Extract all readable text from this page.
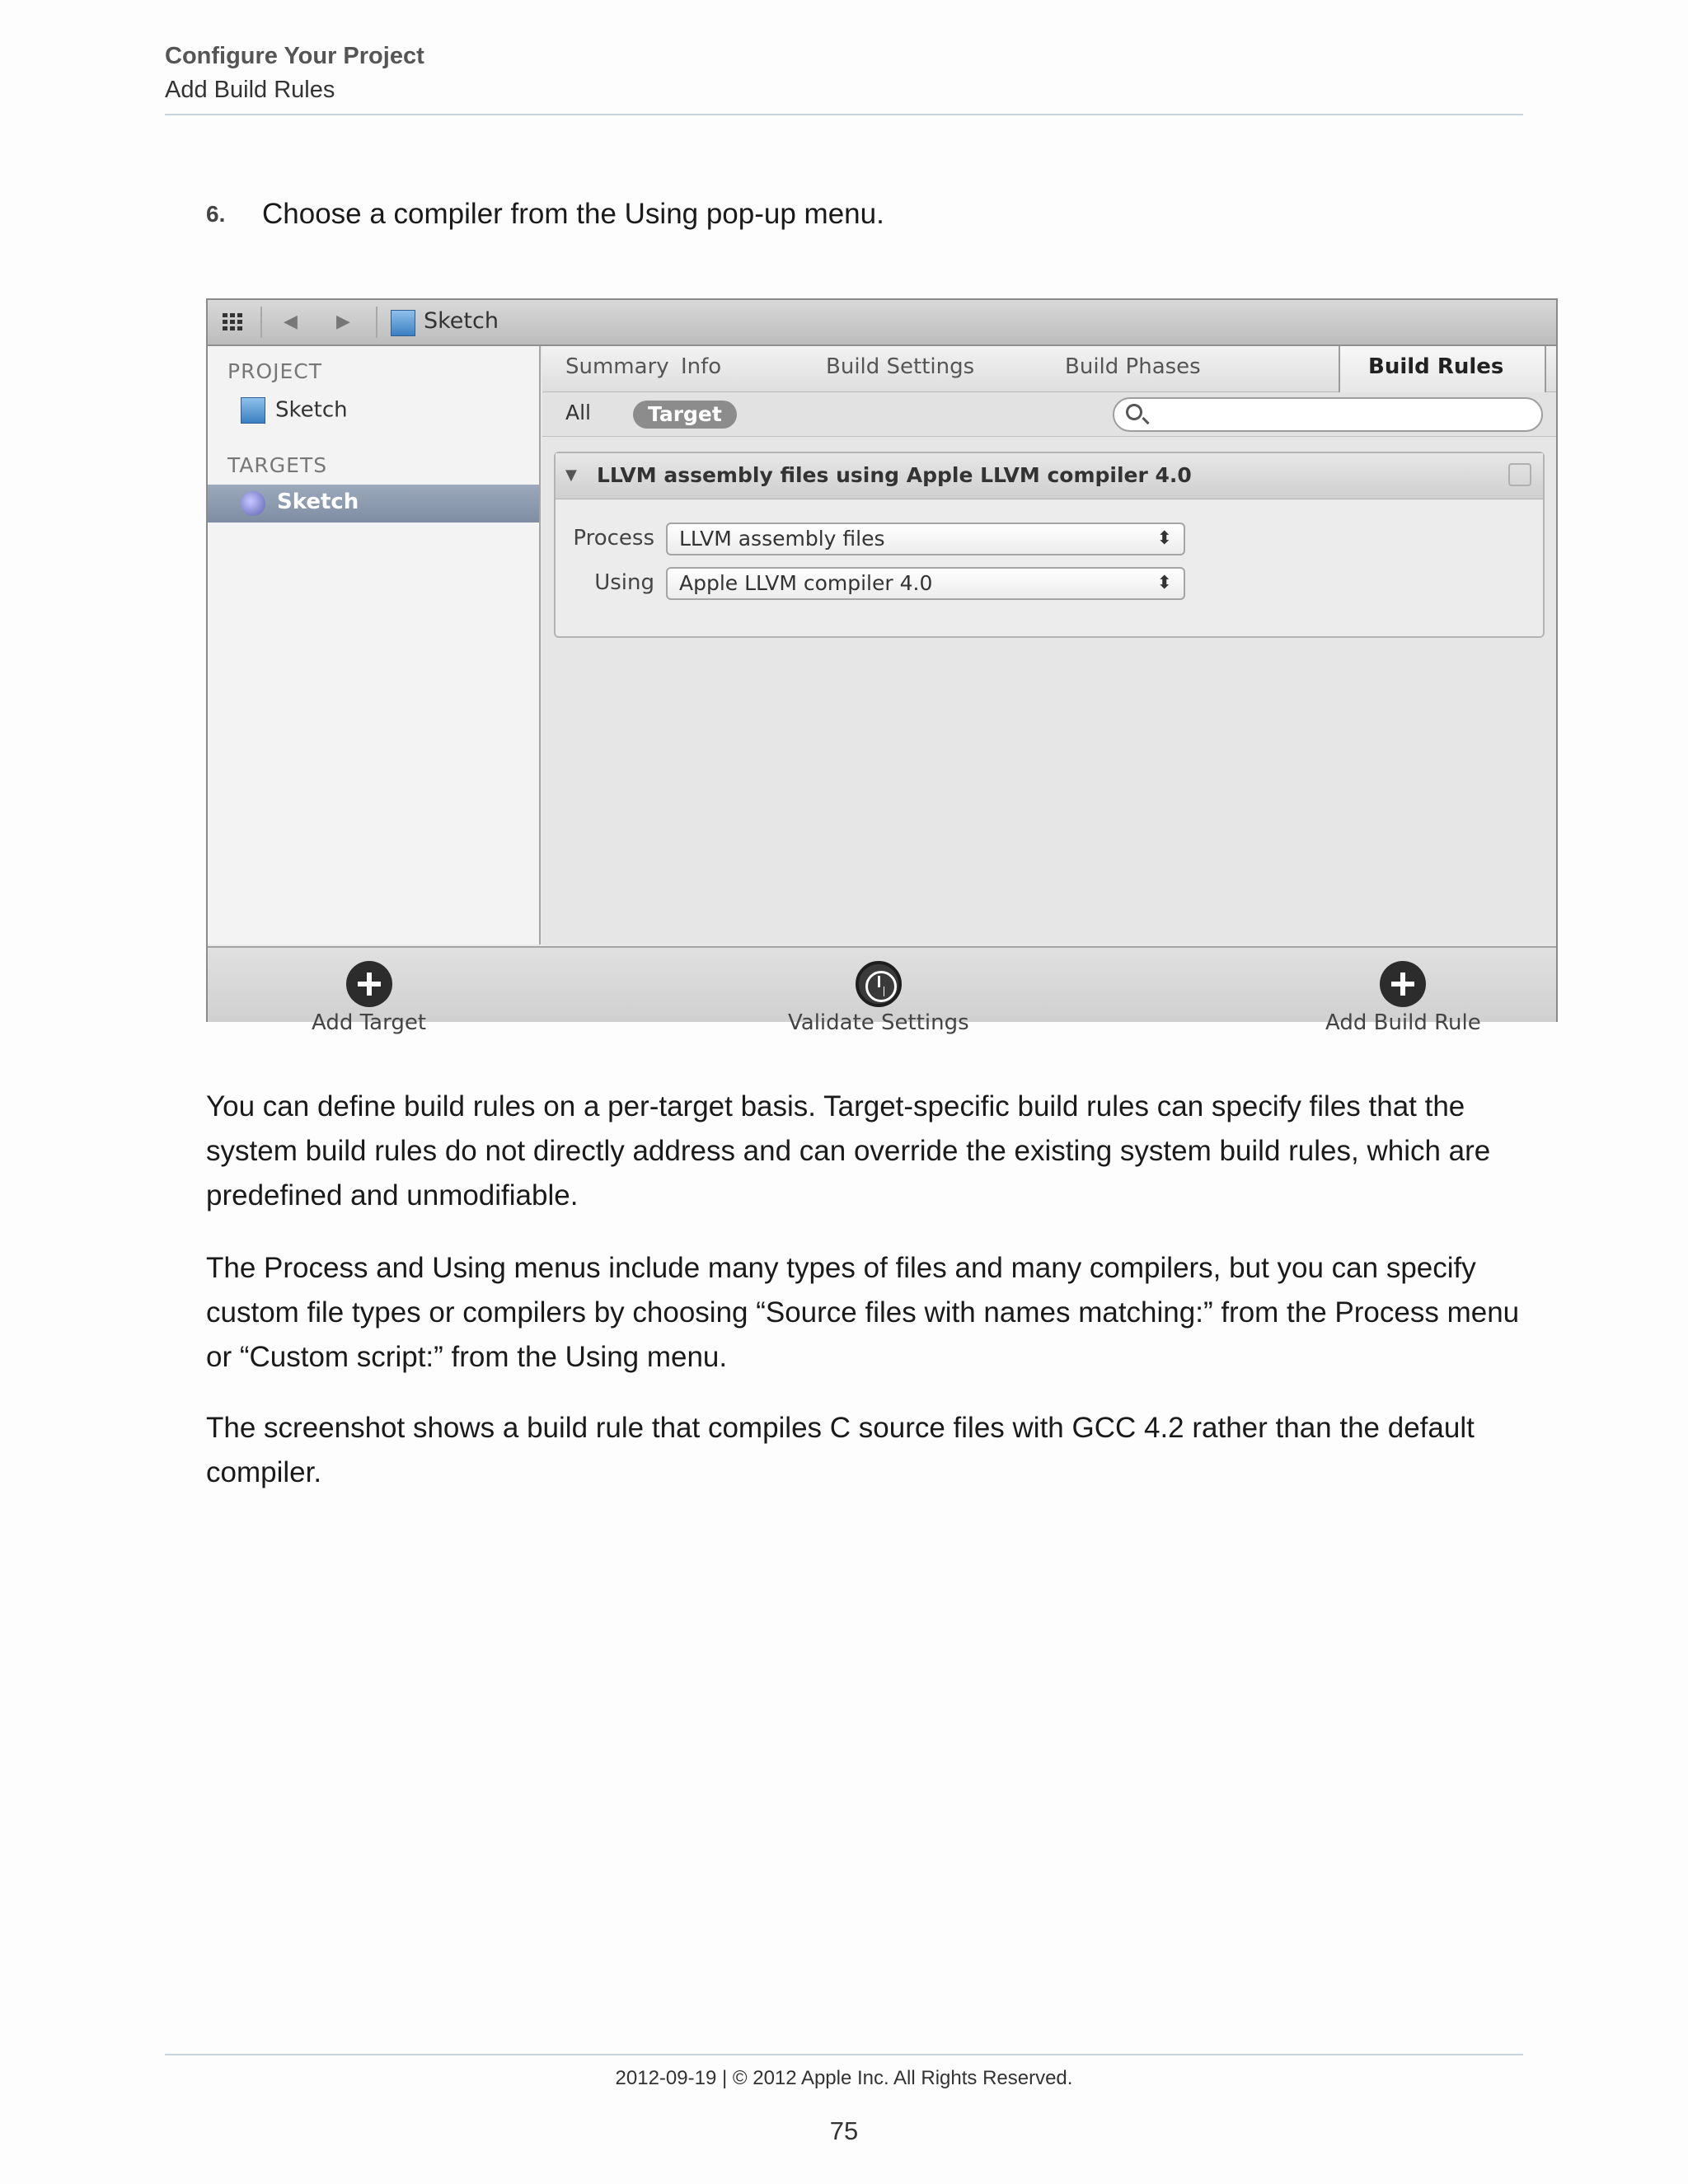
Configure Your Project
Add Build Rules
6. Choose a compiler from the Using pop-up menu.
◀ ▶	Sketch
PROJECT
Sketch
TARGETS
Sketch
Summary Info	Build Settings	Build Phases	Build Rules
All	Target
▼ LLVM assembly files using Apple LLVM compiler 4.0
Process	LLVM assembly files	⬍
Using	Apple LLVM compiler 4.0	⬍
Add Target	Validate Settings	Add Build Rule

You can define build rules on a per-target basis. Target-specific build rules can specify files that the system build rules do not directly address and can override the existing system build rules, which are predefined and unmodifiable.

The Process and Using menus include many types of files and many compilers, but you can specify custom file types or compilers by choosing “Source files with names matching:” from the Process menu or “Custom script:” from the Using menu.

The screenshot shows a build rule that compiles C source files with GCC 4.2 rather than the default compiler.

2012-09-19 | © 2012 Apple Inc. All Rights Reserved.
75
